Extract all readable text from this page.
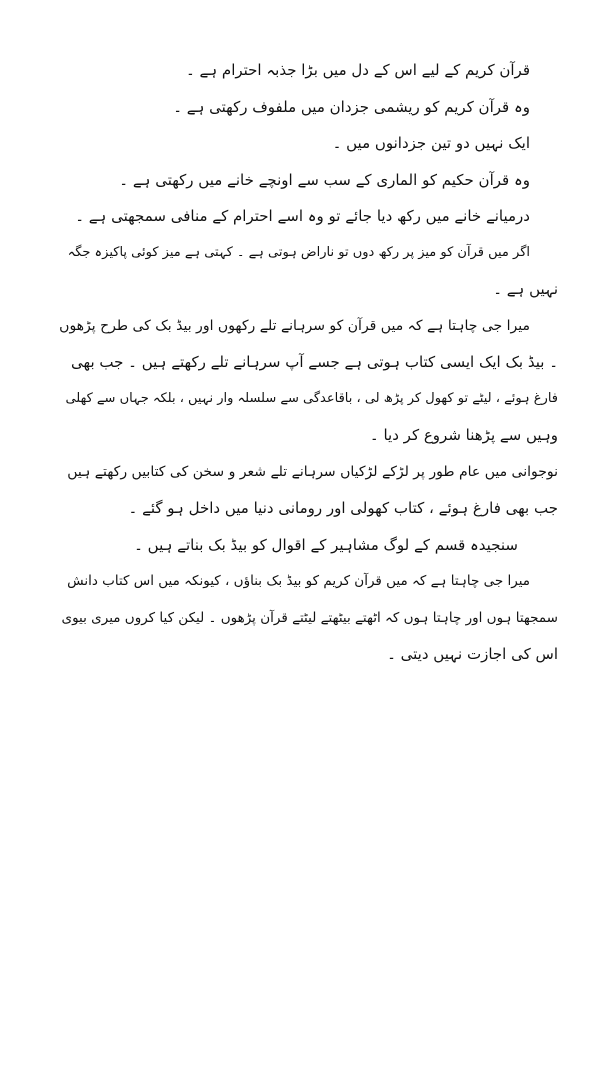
قرآن کریم کے لیے اس کے دل میں بڑا جذبہ احترام ہے ۔
وہ قرآن کریم کو ریشمی جزدان میں ملفوف رکھتی ہے ۔
ایک نہیں دو تین جزدانوں میں ۔
وہ قرآن حکیم کو الماری کے سب سے اونچے خانے میں رکھتی ہے ۔
درمیانے خانے میں رکھ دیا جائے تو وہ اسے احترام کے منافی سمجھتی ہے ۔
اگر میں قرآن کو میز پر رکھ دوں تو ناراض ہوتی ہے ۔ کہتی ہے میز کوئی پاکیزہ جگہ
نہیں ہے ۔
میرا جی چاہتا ہے کہ میں قرآن کو سرہانے تلے رکھوں اور بیڈ بک کی طرح پڑھوں
۔ بیڈ بک ایک ایسی کتاب ہوتی ہے جسے آپ سرہانے تلے رکھتے ہیں ۔ جب بھی
فارغ ہوئے ، لیٹے تو کھول کر پڑھ لی ، باقاعدگی سے سلسلہ وار نہیں ، بلکہ جہاں سے کھلی
وہیں سے پڑھنا شروع کر دیا ۔
نوجوانی میں عام طور پر لڑکے لڑکیاں سرہانے تلے شعر و سخن کی کتابیں رکھتے ہیں
جب بھی فارغ ہوئے ، کتاب کھولی اور رومانی دنیا میں داخل ہو گئے ۔
سنجیدہ قسم کے لوگ مشاہیر کے اقوال کو بیڈ بک بناتے ہیں ۔
میرا جی چاہتا ہے کہ میں قرآن کریم کو بیڈ بک بناؤں ، کیونکہ میں اس کتاب دانش
سمجھتا ہوں اور چاہتا ہوں کہ اٹھتے بیٹھتے لیٹتے قرآن پڑھوں ۔ لیکن کیا کروں میری بیوی
اس کی اجازت نہیں دیتی ۔
